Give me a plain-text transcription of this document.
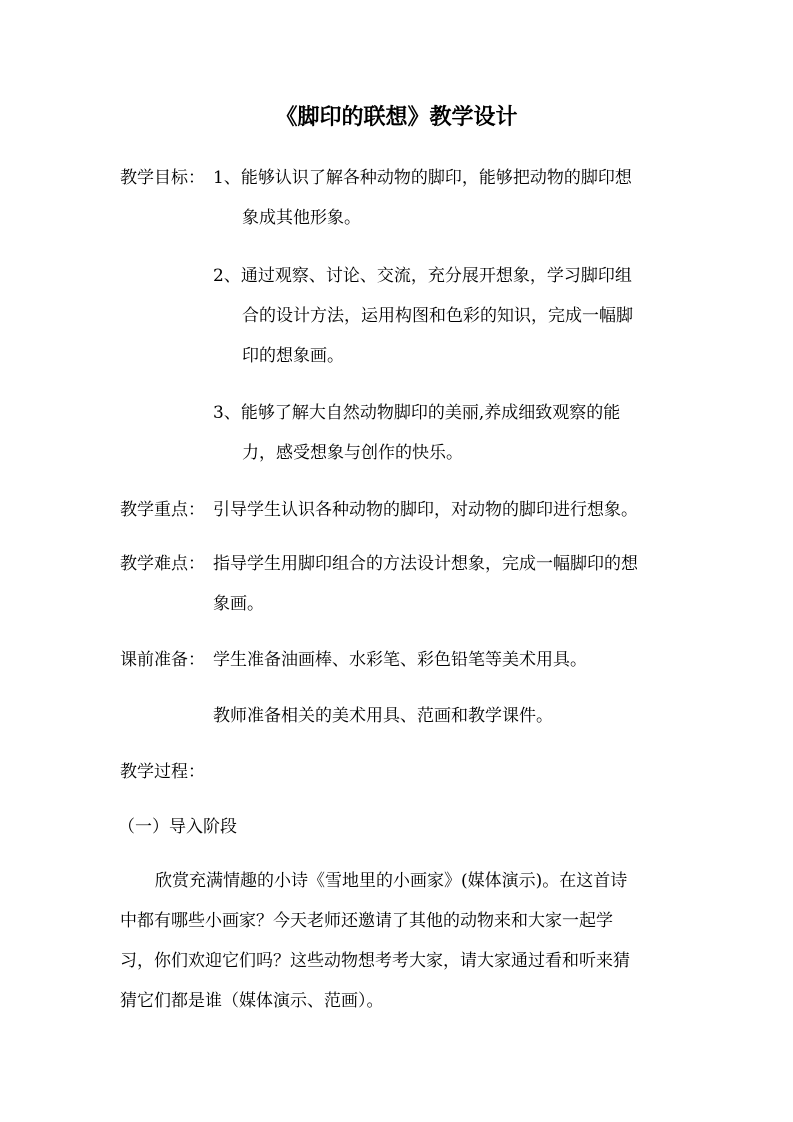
《脚印的联想》教学设计
教学目标： 1、能够认识了解各种动物的脚印，能够把动物的脚印想
象成其他形象。
2、通过观察、讨论、交流，充分展开想象，学习脚印组
合的设计方法，运用构图和色彩的知识，完成一幅脚
印的想象画。
3、能够了解大自然动物脚印的美丽,养成细致观察的能
力，感受想象与创作的快乐。
教学重点： 引导学生认识各种动物的脚印，对动物的脚印进行想象。
教学难点： 指导学生用脚印组合的方法设计想象，完成一幅脚印的想
象画。
课前准备： 学生准备油画棒、水彩笔、彩色铅笔等美术用具。
教师准备相关的美术用具、范画和教学课件。
教学过程：
（一）导入阶段
欣赏充满情趣的小诗《雪地里的小画家》(媒体演示)。在这首诗
中都有哪些小画家？今天老师还邀请了其他的动物来和大家一起学
习，你们欢迎它们吗？这些动物想考考大家，请大家通过看和听来猜
猜它们都是谁（媒体演示、范画）。
